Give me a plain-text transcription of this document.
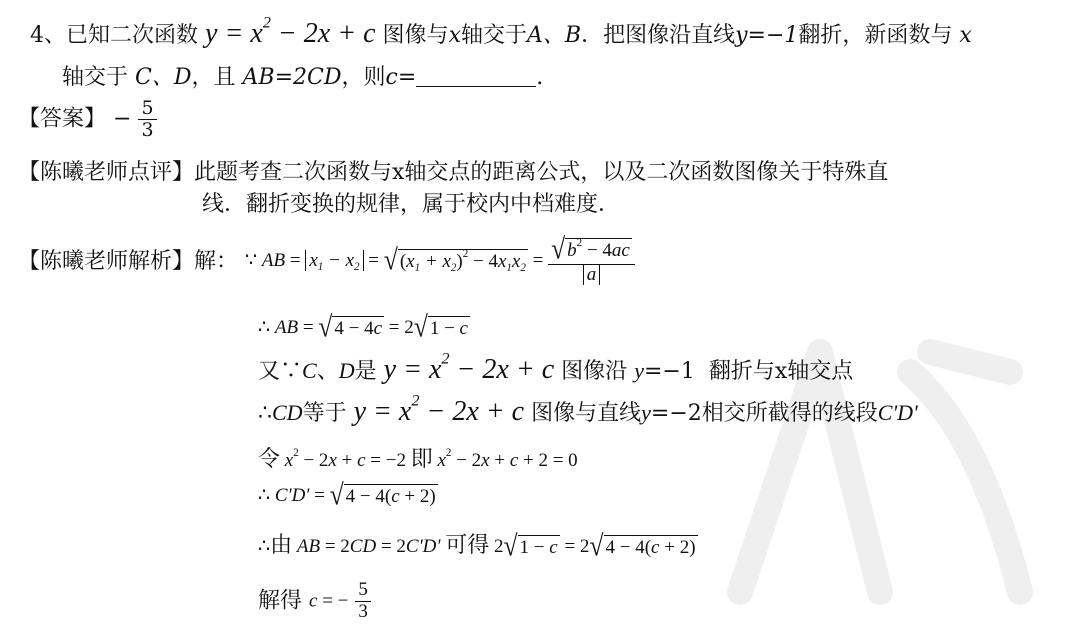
4、已知二次函数 $y = x^2 - 2x + c$ 图像与x轴交于A、B．把图像沿直线y=−1翻折，新函数与 x
轴交于 C、D，且 AB=2CD，则c=	.
【答案】 − $\frac{5}{3}$
【陈曦老师点评】此题考查二次函数与x轴交点的距离公式，以及二次函数图像关于特殊直
线．翻折变换的规律，属于校内中档难度．
【陈曦老师解析】解： ∵ AB = $x_1 - x_2$ = √ $(x_1 + x_2)^2 - 4x_1x_2 = \frac{√ b^2 - 4ac}{a}$
∴ AB = √ 4 − 4c = 2 √ 1 − c
又∵C、D是 $y = x^2 - 2x + c$ 图像沿 y=−1  翻折与x轴交点
∴CD等于 $y = x^2 - 2x + c$ 图像与直线y=−2相交所截得的线段C'D'
令 $x^2 - 2x + c = -2$ 即 $x^2 - 2x + c + 2 = 0$
∴ C'D' = √ 4 − 4(c + 2)
∴由 AB = 2CD = 2C'D' 可得 2 √ 1 − c = 2 √ 4 − 4(c + 2)
解得 c = − $\frac{5}{3}$
